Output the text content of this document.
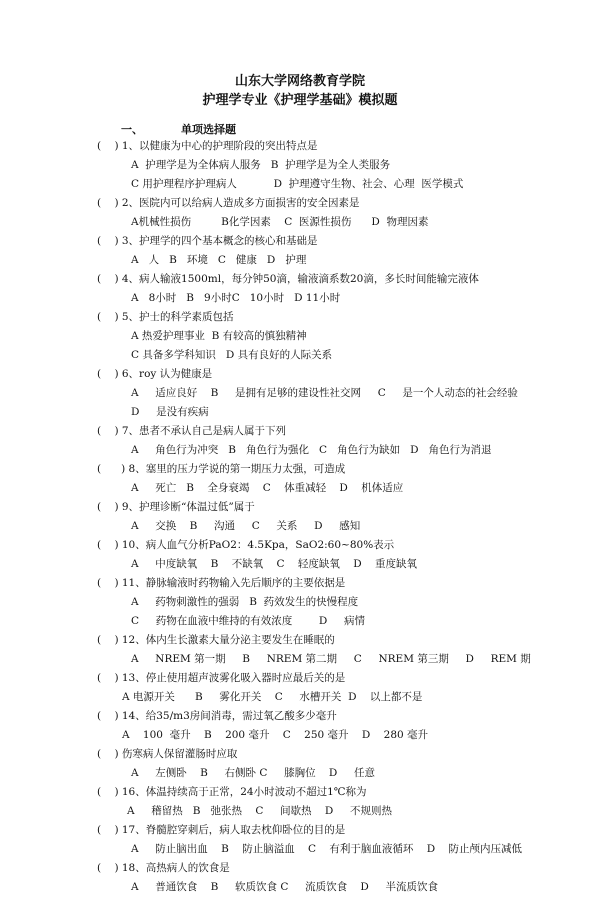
山东大学网络教育学院
护理学专业《护理学基础》模拟题
一、	单项选择题
(    ) 1、以健康为中心的护理阶段的突出特点是
A  护理学是为全体病人服务   B  护理学是为全人类服务
C 用护理程序护理病人           D  护理遵守生物、社会、心理  医学模式
(    ) 2、医院内可以给病人造成多方面损害的安全因素是
A机械性损伤         B化学因素    C  医源性损伤      D  物理因素
(    ) 3、护理学的四个基本概念的核心和基础是
A   人   B   环境   C   健康   D   护理
(    ) 4、病人输液1500ml，每分钟50滴，输液滴系数20滴，多长时间能输完液体
A   8小时   B   9小时C   10小时   D 11小时
(    ) 5、护士的科学素质包括
A 热爱护理事业  B 有较高的慎独精神
C 具备多学科知识   D 具有良好的人际关系
(    ) 6、roy 认为健康是
A     适应良好    B     是拥有足够的建设性社交网     C     是一个人动态的社会经验
D     是没有疾病
(    ) 7、患者不承认自己是病人属于下列
A     角色行为冲突   B   角色行为强化   C   角色行为缺如   D   角色行为消退
(      ) 8、塞里的压力学说的第一期压力太强，可造成
A     死亡   B    全身衰竭    C    体重减轻    D    机体适应
(    ) 9、护理诊断“体温过低”属于
A     交换    B     沟通     C     关系     D     感知
(    ) 10、病人血气分析PaO2：4.5Kpa，SaO2:60~80%表示
A     中度缺氧    B    不缺氧    C    轻度缺氧    D    重度缺氧
(    ) 11、静脉输液时药物输入先后顺序的主要依据是
A     药物刺激性的强弱   B  药效发生的快慢程度
C     药物在血液中维持的有效浓度        D     病情
(    ) 12、体内生长激素大量分泌主要发生在睡眠的
A     NREM 第一期     B     NREM 第二期     C     NREM 第三期     D     REM 期
(    ) 13、停止使用超声波雾化吸入器时应最后关的是
A 电源开关      B     雾化开关    C     水槽开关  D    以上都不是
(    ) 14、给35/m3房间消毒，需过氧乙酸多少毫升
A    100  毫升    B    200 毫升    C    250 毫升    D    280 毫升
(    ) 伤寒病人保留灌肠时应取
A     左侧卧    B     右侧卧 C     膝胸位    D     任意
(    ) 16、体温持续高于正常，24小时波动不超过1℃称为
A     稽留热   B   弛张热    C     间歇热    D     不规则热
(    ) 17、脊髓腔穿刺后，病人取去枕仰卧位的目的是
A     防止脑出血    B    防止脑溢血    C    有利于脑血液循环    D    防止颅内压减低
(    ) 18、高热病人的饮食是
A     普通饮食    B     软质饮食 C     流质饮食    D     半流质饮食
